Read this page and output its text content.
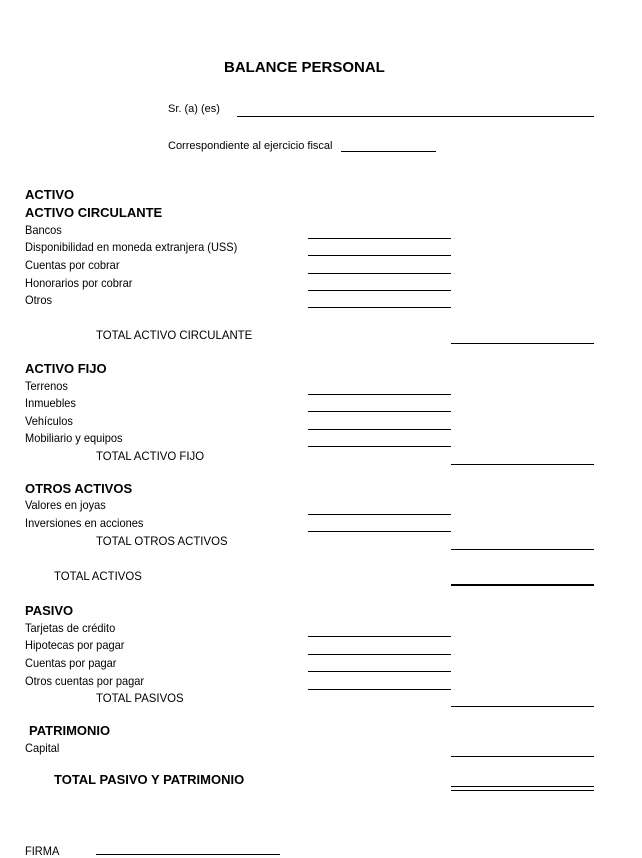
BALANCE PERSONAL
Sr. (a) (es)
Correspondiente al ejercicio fiscal
ACTIVO
ACTIVO CIRCULANTE
Bancos
Disponibilidad en moneda extranjera (USS)
Cuentas por cobrar
Honorarios por cobrar
Otros
TOTAL ACTIVO CIRCULANTE
ACTIVO FIJO
Terrenos
Inmuebles
Vehículos
Mobiliario y equipos
TOTAL ACTIVO FIJO
OTROS ACTIVOS
Valores en joyas
Inversiones en acciones
TOTAL OTROS ACTIVOS
TOTAL ACTIVOS
PASIVO
Tarjetas de crédito
Hipotecas por pagar
Cuentas por pagar
Otros cuentas por pagar
TOTAL PASIVOS
PATRIMONIO
Capital
TOTAL PASIVO Y PATRIMONIO
FIRMA
